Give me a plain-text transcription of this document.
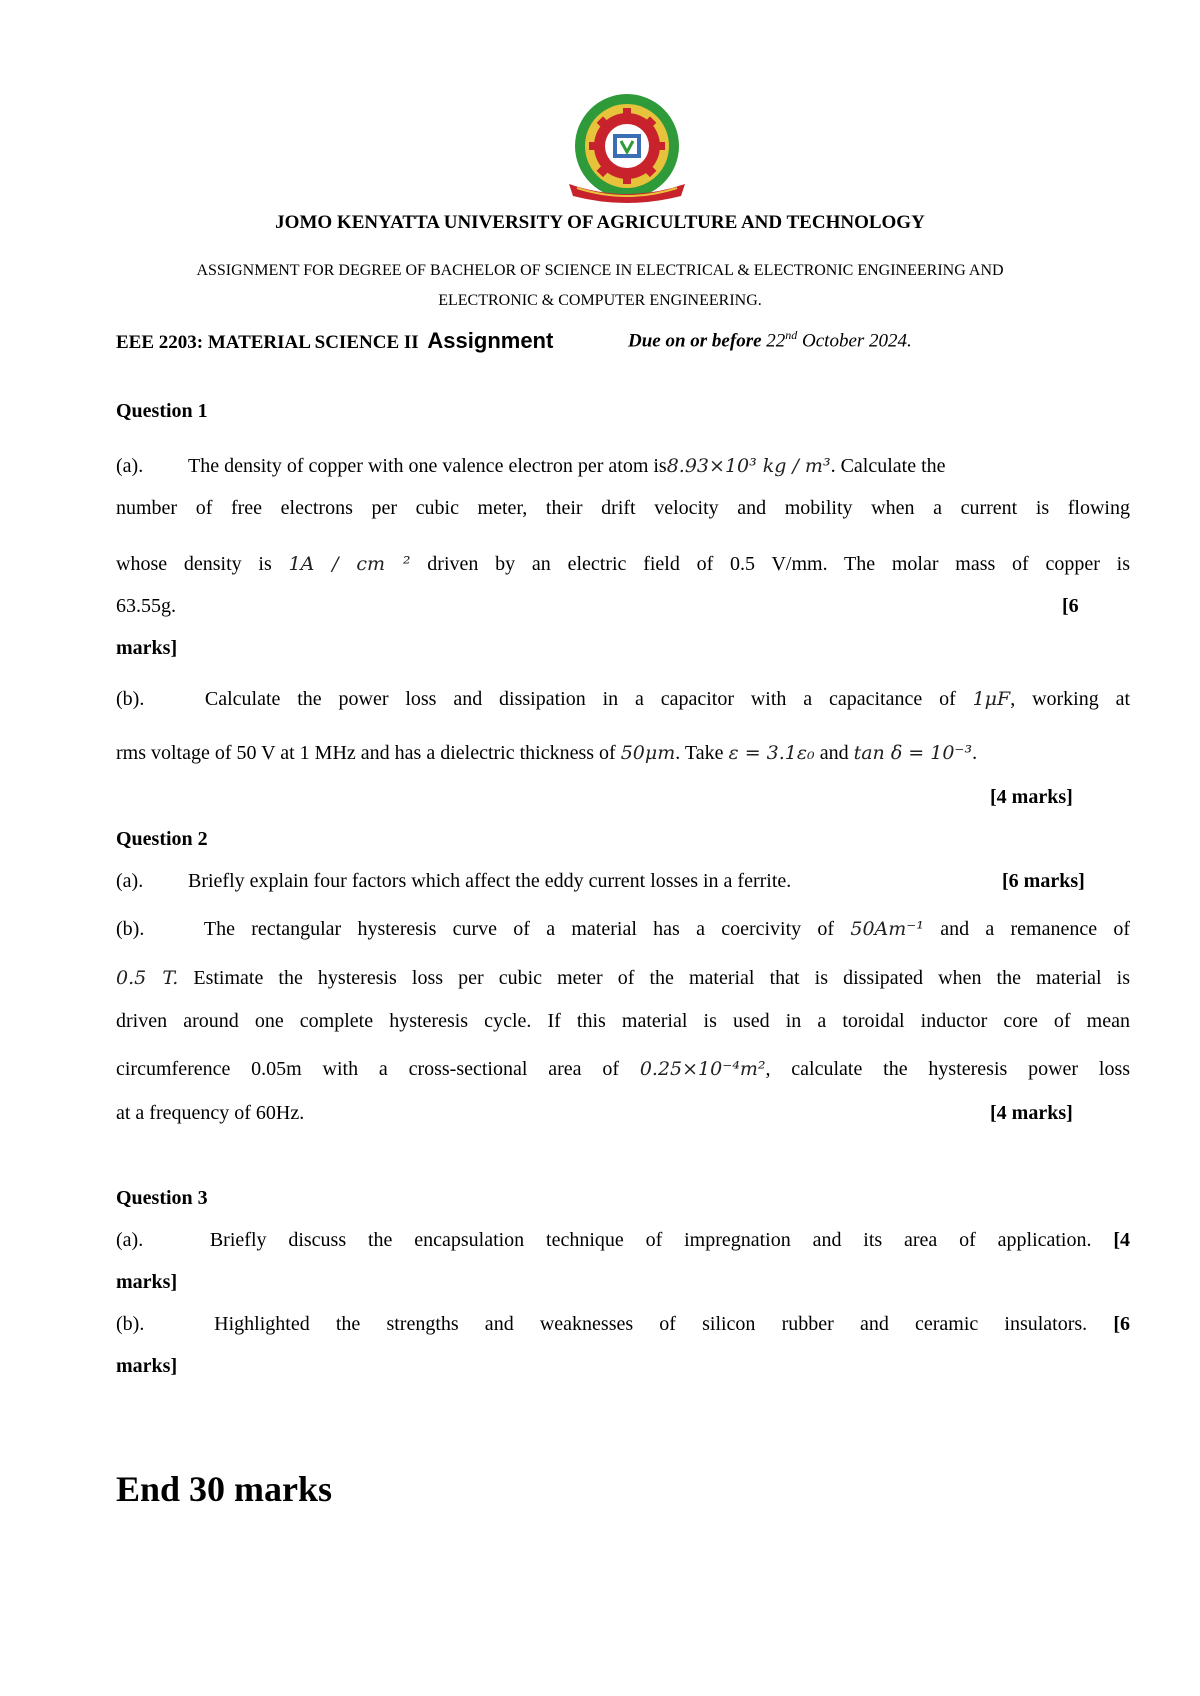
JOMO KENYATTA UNIVERSITY OF AGRICULTURE AND TECHNOLOGY
ASSIGNMENT FOR DEGREE OF BACHELOR OF SCIENCE IN ELECTRICAL & ELECTRONIC ENGINEERING AND
ELECTRONIC & COMPUTER ENGINEERING.
EEE 2203: MATERIAL SCIENCE II Assignment	Due on or before 22nd October 2024.
Question 1
(a). The density of copper with one valence electron per atom is8.93×10³ kg / m³. Calculate the
number of free electrons per cubic meter, their drift velocity and mobility when a current is flowing
whose density is 1A / cm ² driven by an electric field of 0.5 V/mm. The molar mass of copper is
63.55g.	[6
marks]
(b).	Calculate the power loss and dissipation in a capacitor with a capacitance of 1μF, working at
rms voltage of 50 V at 1 MHz and has a dielectric thickness of 50μm. Take ε = 3.1ε₀ and tan δ = 10⁻³.
[4 marks]
Question 2
(a). Briefly explain four factors which affect the eddy current losses in a ferrite.	[6 marks]
(b).	The rectangular hysteresis curve of a material has a coercivity of 50Am⁻¹ and a remanence of
0.5 T. Estimate the hysteresis loss per cubic meter of the material that is dissipated when the material is
driven around one complete hysteresis cycle. If this material is used in a toroidal inductor core of mean
circumference 0.05m with a cross-sectional area of 0.25×10⁻⁴m², calculate the hysteresis power loss
at a frequency of 60Hz.	[4 marks]
Question 3
(a).	Briefly discuss the encapsulation technique of impregnation and its area of application. [4
marks]
(b).	Highlighted the strengths and weaknesses of silicon rubber and ceramic insulators. [6
marks]
End 30 marks
